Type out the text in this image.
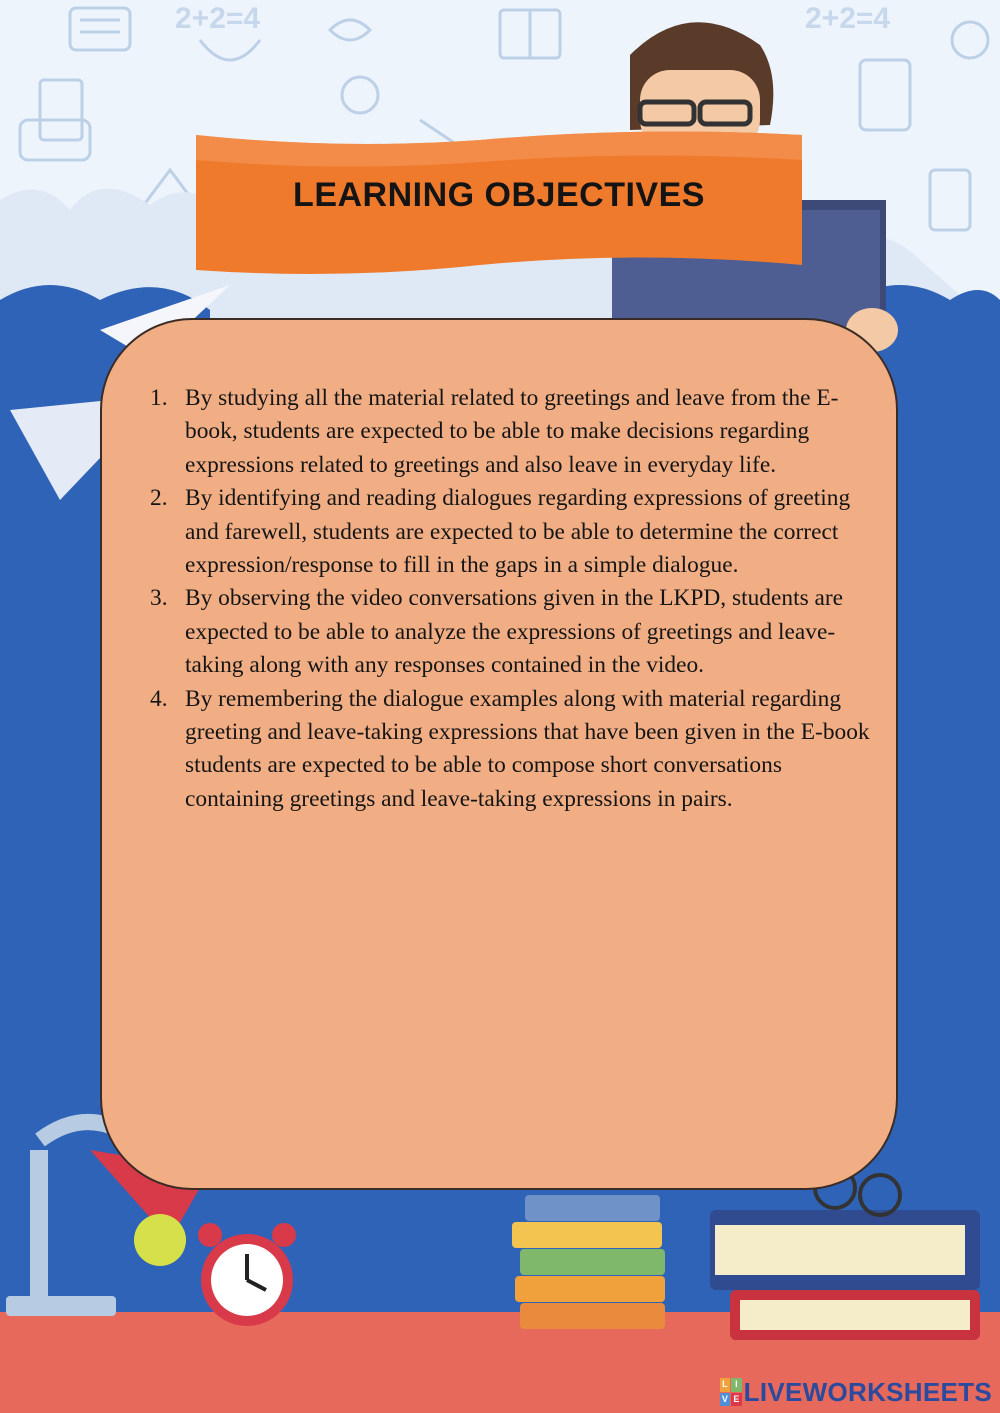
2+2=4	2+2=4
LEARNING OBJECTIVES
1. By studying all the material related to greetings and leave from the E-book, students are expected to be able to make decisions regarding expressions related to greetings and also leave in everyday life.
2. By identifying and reading dialogues regarding expressions of greeting and farewell, students are expected to be able to determine the correct expression/response to fill in the gaps in a simple dialogue.
3. By observing the video conversations given in the LKPD, students are expected to be able to analyze the expressions of greetings and leave-taking along with any responses contained in the video.
4. By remembering the dialogue examples along with material regarding greeting and leave-taking expressions that have been given in the E-book students are expected to be able to compose short conversations containing greetings and leave-taking expressions in pairs.
L I
V E LIVEWORKSHEETS
